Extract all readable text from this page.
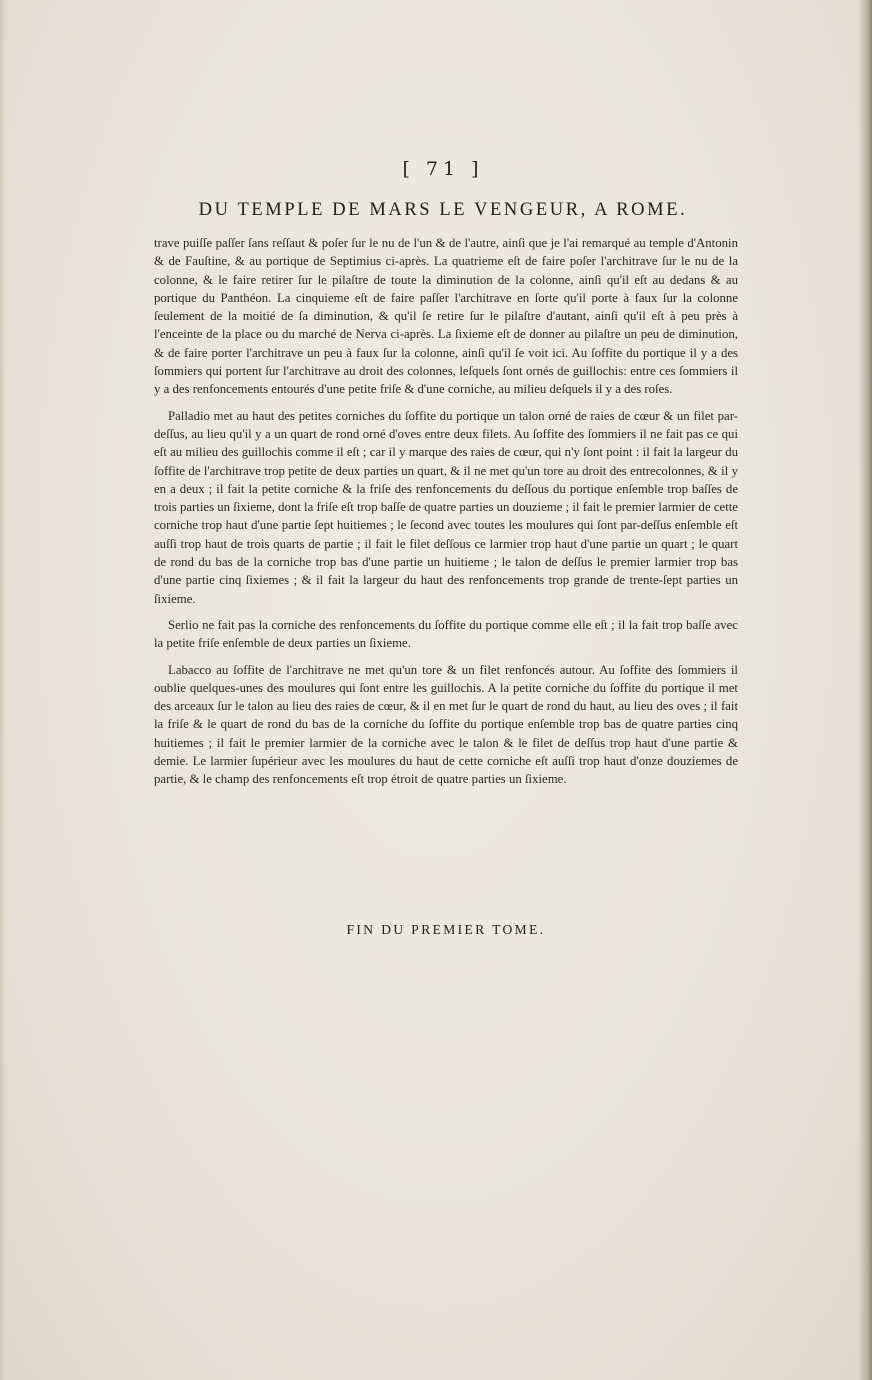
[ 71 ]
DU TEMPLE DE MARS LE VENGEUR, A ROME.

trave puiſſe paſſer ſans reſſaut & poſer ſur le nu de l'un & de l'autre, ainſi que je l'ai remarqué au temple d'Antonin & de Fauſtine, & au portique de Septimius ci-après. La quatrieme eſt de faire poſer l'architrave ſur le nu de la colonne, & le faire retirer ſur le pilaſtre de toute la diminution de la colonne, ainſi qu'il eſt au dedans & au portique du Panthéon. La cinquieme eſt de faire paſſer l'architrave en ſorte qu'il porte à faux ſur la colonne ſeulement de la moitié de ſa diminution, & qu'il ſe retire ſur le pilaſtre d'autant, ainſi qu'il eſt à peu près à l'enceinte de la place ou du marché de Nerva ci-après. La ſixieme eſt de donner au pilaſtre un peu de diminution, & de faire porter l'architrave un peu à faux ſur la colonne, ainſi qu'il ſe voit ici. Au ſoffite du portique il y a des ſommiers qui portent ſur l'architrave au droit des colonnes, leſquels ſont ornés de guillochis: entre ces ſommiers il y a des renfoncements entourés d'une petite friſe & d'une corniche, au milieu deſquels il y a des roſes.

Palladio met au haut des petites corniches du ſoffite du portique un talon orné de raies de cœur & un filet par-deſſus, au lieu qu'il y a un quart de rond orné d'oves entre deux filets. Au ſoffite des ſommiers il ne fait pas ce qui eſt au milieu des guillochis comme il eſt ; car il y marque des raies de cœur, qui n'y ſont point : il fait la largeur du ſoffite de l'architrave trop petite de deux parties un quart, & il ne met qu'un tore au droit des entrecolonnes, & il y en a deux ; il fait la petite corniche & la friſe des renfoncements du deſſous du portique enſemble trop baſſes de trois parties un ſixieme, dont la friſe eſt trop baſſe de quatre parties un douzieme ; il fait le premier larmier de cette corniche trop haut d'une partie ſept huitiemes ; le ſecond avec toutes les moulures qui ſont par-deſſus enſemble eſt auſſi trop haut de trois quarts de partie ; il fait le filet deſſous ce larmier trop haut d'une partie un quart ; le quart de rond du bas de la corniche trop bas d'une partie un huitieme ; le talon de deſſus le premier larmier trop bas d'une partie cinq ſixiemes ; & il fait la largeur du haut des renfoncements trop grande de trente-ſept parties un ſixieme.

Serlio ne fait pas la corniche des renfoncements du ſoffite du portique comme elle eſt ; il la fait trop baſſe avec la petite friſe enſemble de deux parties un ſixieme.

Labacco au ſoffite de l'architrave ne met qu'un tore & un filet renfoncés autour. Au ſoffite des ſommiers il oublie quelques-unes des moulures qui ſont entre les guillochis. A la petite corniche du ſoffite du portique il met des arceaux ſur le talon au lieu des raies de cœur, & il en met ſur le quart de rond du haut, au lieu des oves ; il fait la friſe & le quart de rond du bas de la corniche du ſoffite du portique enſemble trop bas de quatre parties cinq huitiemes ; il fait le premier larmier de la corniche avec le talon & le filet de deſſus trop haut d'une partie & demie. Le larmier ſupérieur avec les moulures du haut de cette corniche eſt auſſi trop haut d'onze douziemes de partie, & le champ des renfoncements eſt trop étroit de quatre parties un ſixieme.

FIN DU PREMIER TOME.
